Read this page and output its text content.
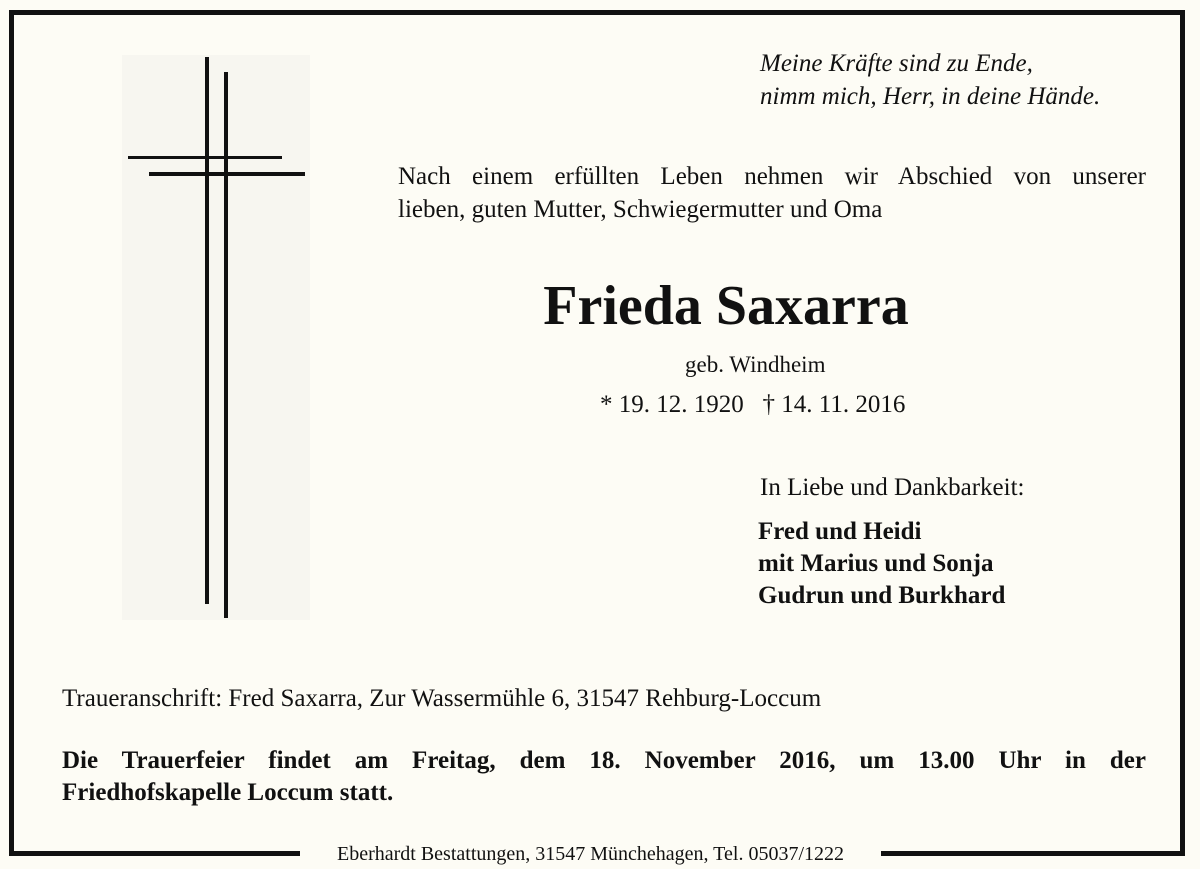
Meine Kräfte sind zu Ende,
nimm mich, Herr, in deine Hände.
Nach einem erfüllten Leben nehmen wir Abschied von unserer
lieben, guten Mutter, Schwiegermutter und Oma
Frieda Saxarra
geb. Windheim
* 19. 12. 1920   † 14. 11. 2016
In Liebe und Dankbarkeit:
Fred und Heidi
mit Marius und Sonja
Gudrun und Burkhard
Traueranschrift: Fred Saxarra, Zur Wassermühle 6, 31547 Rehburg-Loccum
Die Trauerfeier findet am Freitag, dem 18. November 2016, um 13.00 Uhr in der
Friedhofskapelle Loccum statt.
Eberhardt Bestattungen, 31547 Münchehagen, Tel. 05037/1222
